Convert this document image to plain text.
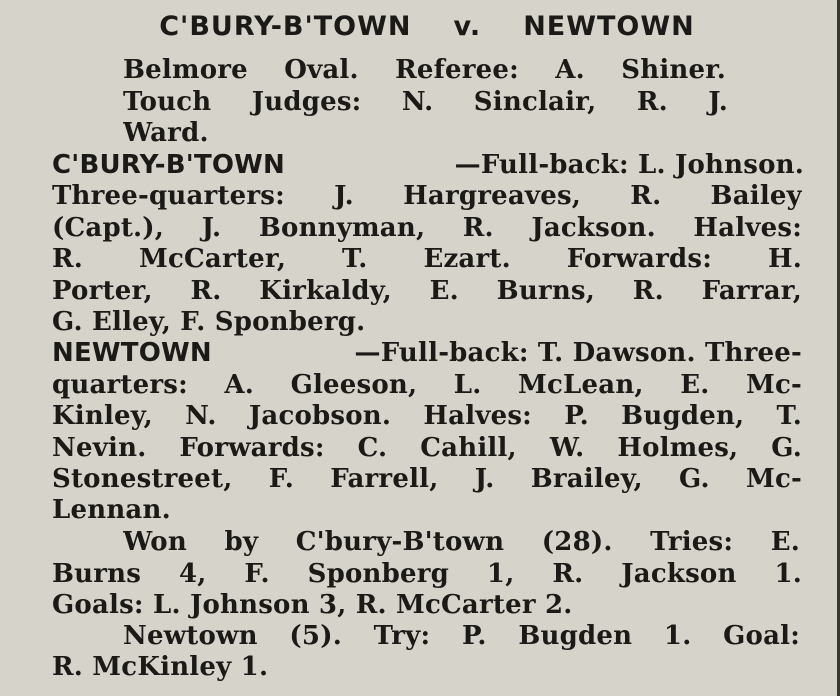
C'BURY-B'TOWN v. NEWTOWN
Belmore Oval. Referee: A. Shiner.
Touch Judges: N. Sinclair, R. J.
Ward.
C'BURY-B'TOWN	—Full-back: L. Johnson.
Three-quarters: J. Hargreaves, R. Bailey
(Capt.), J. Bonnyman, R. Jackson. Halves:
R. McCarter, T. Ezart. Forwards: H.
Porter, R. Kirkaldy, E. Burns, R. Farrar,
G. Elley, F. Sponberg.
NEWTOWN	—Full-back: T. Dawson. Three-
quarters: A. Gleeson, L. McLean, E. Mc-
Kinley, N. Jacobson. Halves: P. Bugden, T.
Nevin. Forwards: C. Cahill, W. Holmes, G.
Stonestreet, F. Farrell, J. Brailey, G. Mc-
Lennan.
Won by C'bury-B'town (28). Tries: E.
Burns 4, F. Sponberg 1, R. Jackson 1.
Goals: L. Johnson 3, R. McCarter 2.
Newtown (5). Try: P. Bugden 1. Goal:
R. McKinley 1.
